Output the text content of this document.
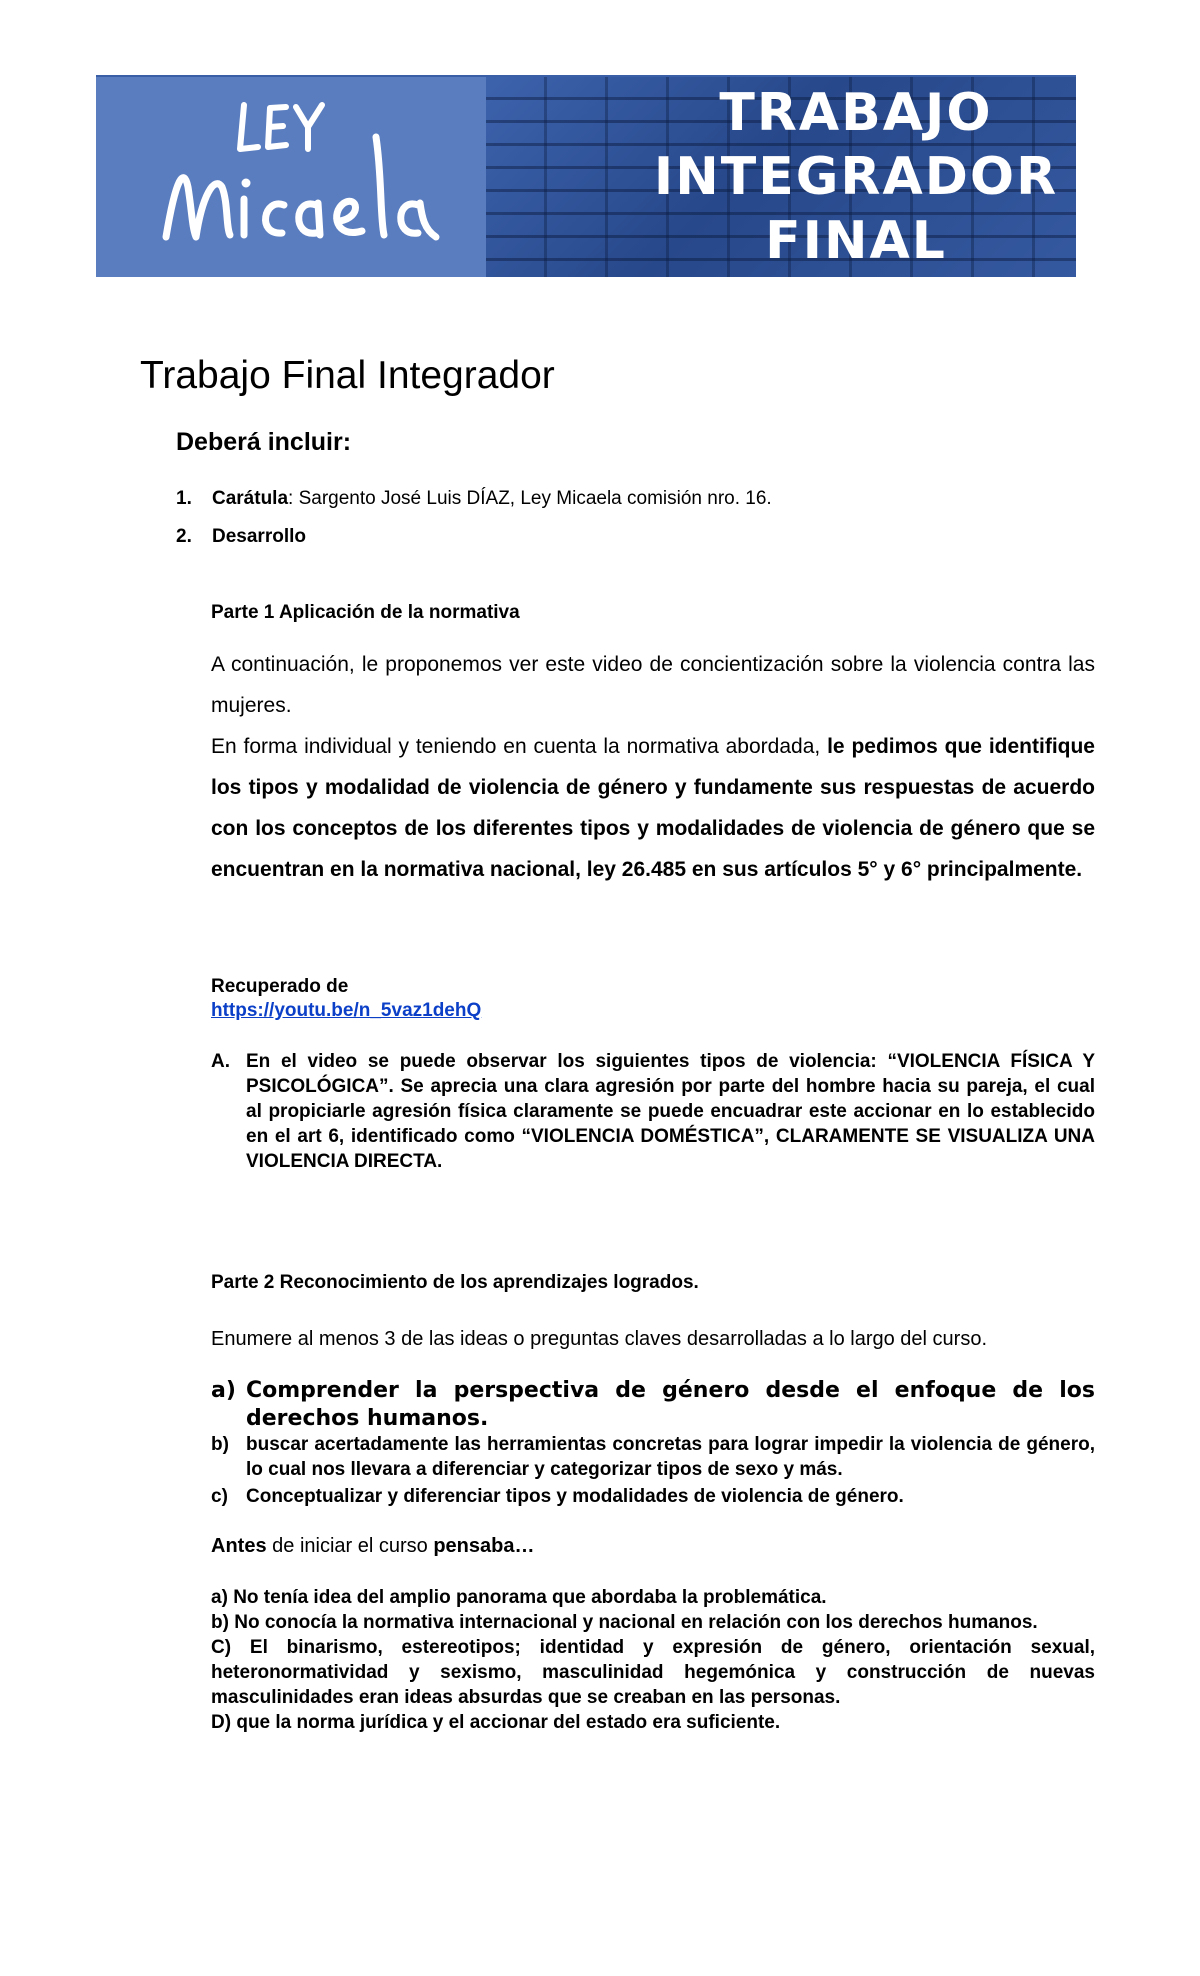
TRABAJO
INTEGRADOR
FINAL
Trabajo Final Integrador
Deberá incluir:
1. Carátula: Sargento José Luis DÍAZ, Ley Micaela comisión nro. 16.
2. Desarrollo
Parte 1 Aplicación de la normativa
A continuación, le proponemos ver este video de concientización sobre la violencia contra las mujeres.
En forma individual y teniendo en cuenta la normativa abordada, le pedimos que identifique los tipos y modalidad de violencia de género y fundamente sus respuestas de acuerdo con los conceptos de los diferentes tipos y modalidades de violencia de género que se encuentran en la normativa nacional, ley 26.485 en sus artículos 5° y 6° principalmente.
Recuperado de
https://youtu.be/n_5vaz1dehQ
A. En el video se puede observar los siguientes tipos de violencia: “VIOLENCIA FÍSICA Y PSICOLÓGICA”. Se aprecia una clara agresión por parte del hombre hacia su pareja, el cual al propiciarle agresión física claramente se puede encuadrar este accionar en lo establecido en el art 6, identificado como “VIOLENCIA DOMÉSTICA”, CLARAMENTE SE VISUALIZA UNA VIOLENCIA DIRECTA.
Parte 2 Reconocimiento de los aprendizajes logrados.
Enumere al menos 3 de las ideas o preguntas claves desarrolladas a lo largo del curso.
a) Comprender la perspectiva de género desde el enfoque de los derechos humanos.
b) buscar acertadamente las herramientas concretas para lograr impedir la violencia de género, lo cual nos llevara a diferenciar y categorizar tipos de sexo y más.
c) Conceptualizar y diferenciar tipos y modalidades de violencia de género.
Antes de iniciar el curso pensaba…
a) No tenía idea del amplio panorama que abordaba la problemática.
b) No conocía la normativa internacional y nacional en relación con los derechos humanos.
C) El binarismo, estereotipos; identidad y expresión de género, orientación sexual, heteronormatividad y sexismo, masculinidad hegemónica y construcción de nuevas masculinidades eran ideas absurdas que se creaban en las personas.
D) que la norma jurídica y el accionar del estado era suficiente.
